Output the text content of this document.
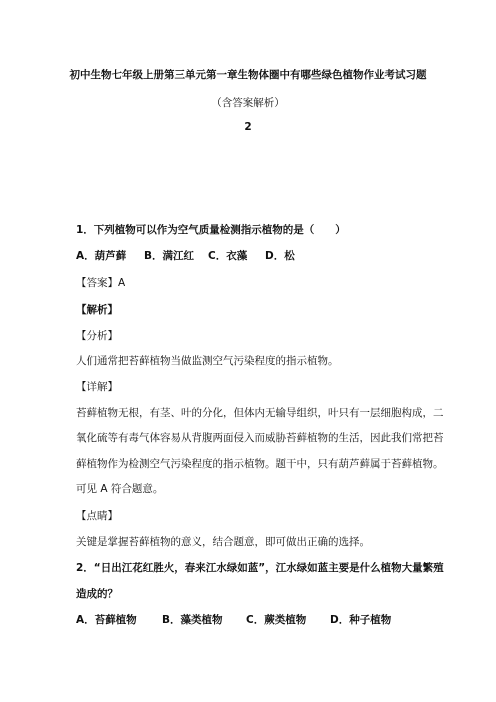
初中生物七年级上册第三单元第一章生物体圈中有哪些绿色植物作业考试习题
（含答案解析）
2
1．下列植物可以作为空气质量检测指示植物的是（　　）
A．葫芦藓 B．满江红 C．衣藻 D．松
【答案】A
【解析】
【分析】
人们通常把苔藓植物当做监测空气污染程度的指示植物。
【详解】
苔藓植物无根，有茎、叶的分化，但体内无输导组织，叶只有一层细胞构成，二
氧化硫等有毒气体容易从背腹两面侵入而威胁苔藓植物的生活，因此我们常把苔
藓植物作为检测空气污染程度的指示植物。题干中，只有葫芦藓属于苔藓植物。
可见 A 符合题意。
【点睛】
关键是掌握苔藓植物的意义，结合题意，即可做出正确的选择。
2．“日出江花红胜火，春来江水绿如蓝”，江水绿如蓝主要是什么植物大量繁殖
造成的？
A．苔藓植物 B．藻类植物 C．蕨类植物 D．种子植物
